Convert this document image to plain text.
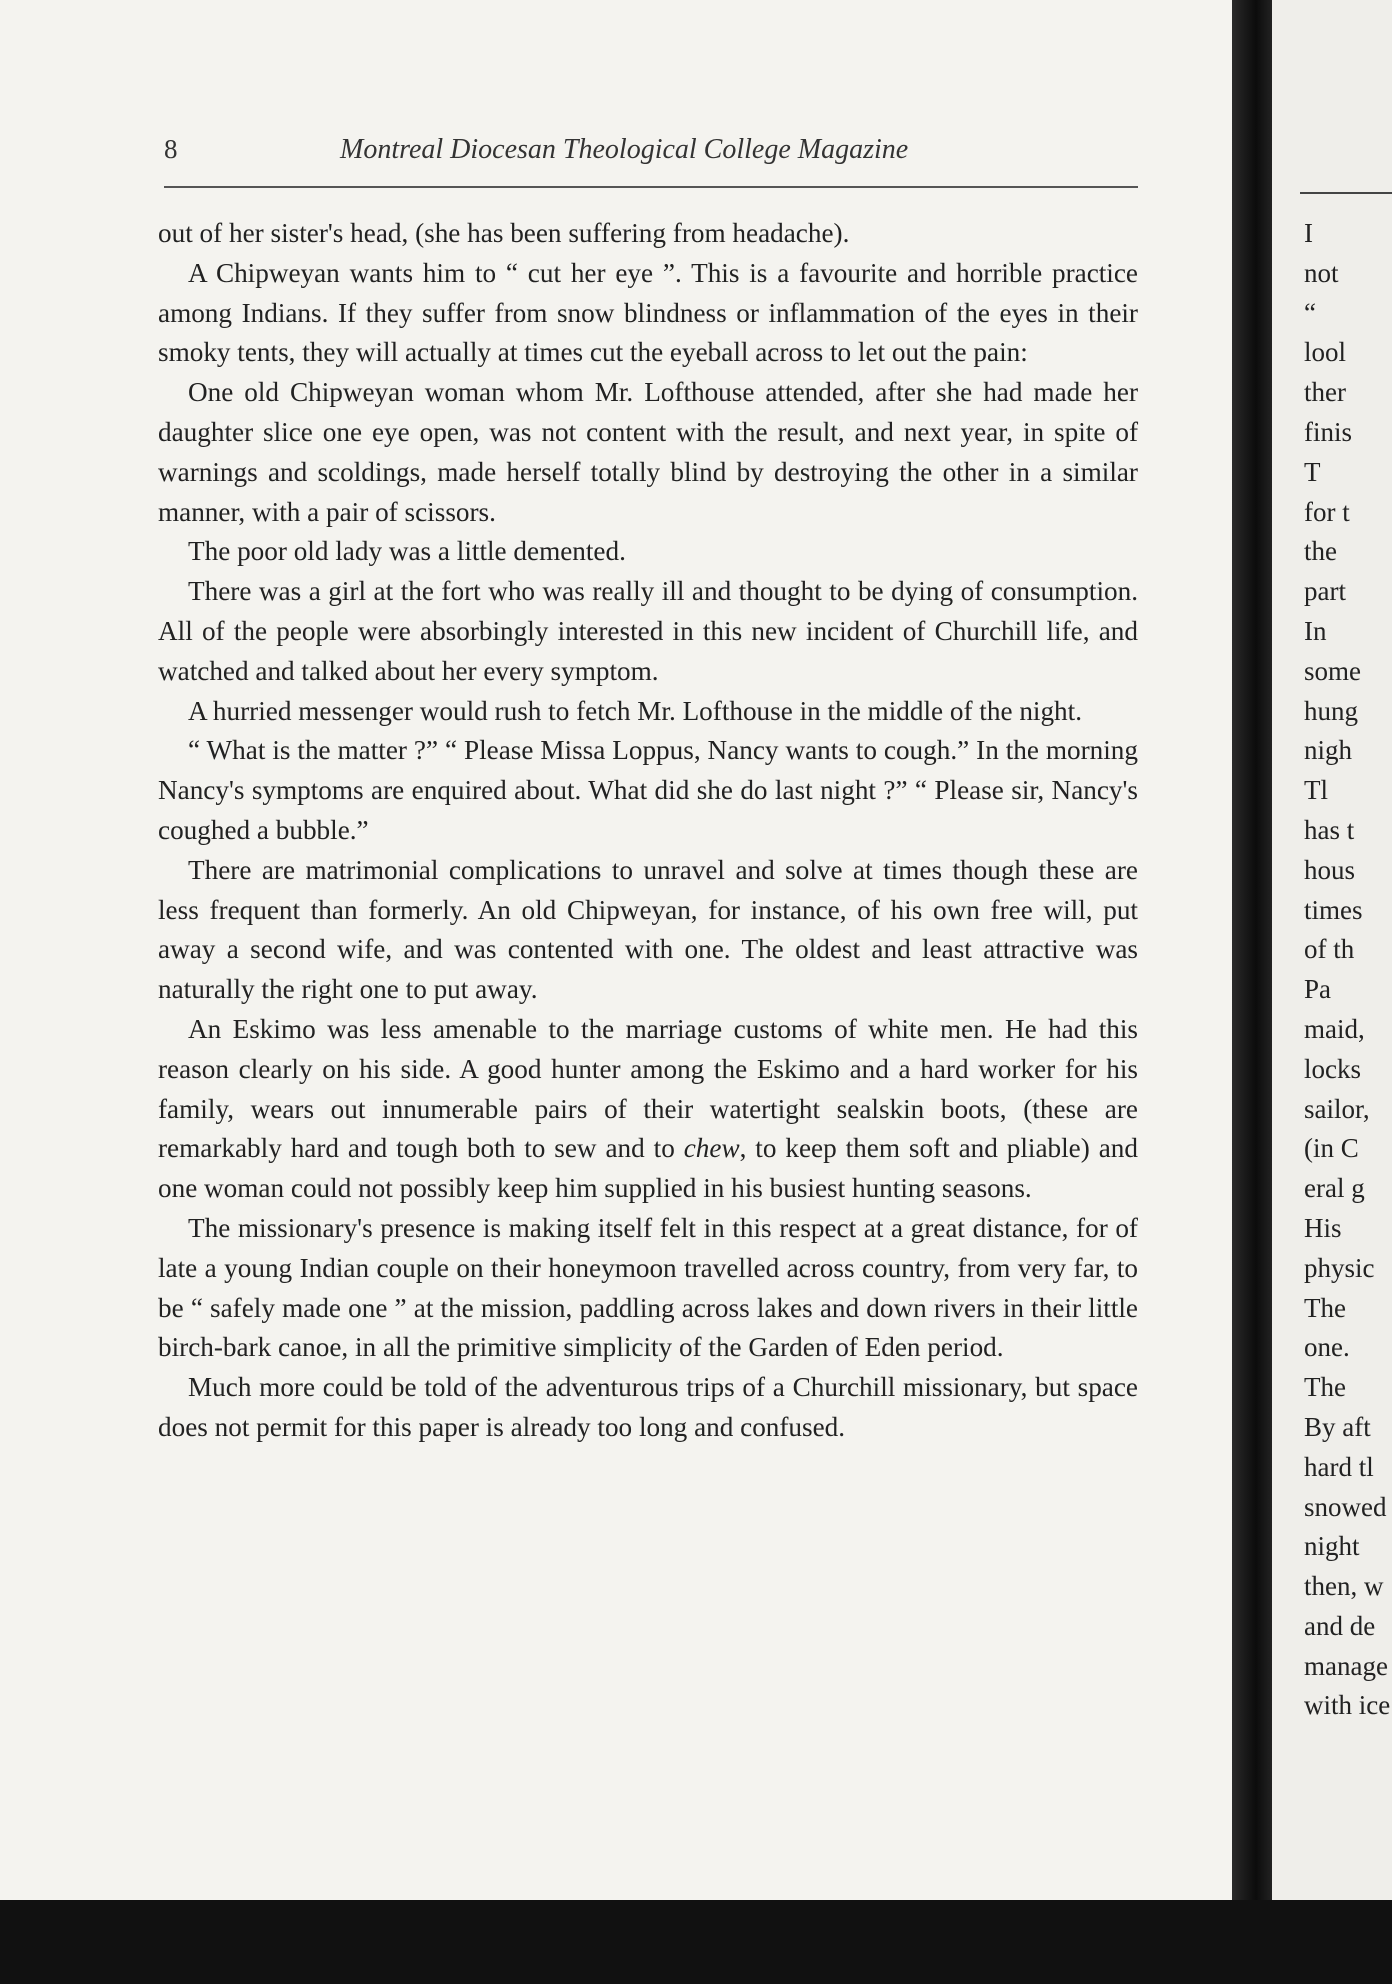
8	Montreal Diocesan Theological College Magazine

out of her sister's head, (she has been suffering from headache).

A Chipweyan wants him to “ cut her eye ”. This is a favourite and horrible practice among Indians. If they suffer from snow blindness or inflammation of the eyes in their smoky tents, they will actually at times cut the eyeball across to let out the pain:

One old Chipweyan woman whom Mr. Lofthouse attended, after she had made her daughter slice one eye open, was not content with the result, and next year, in spite of warnings and scoldings, made herself totally blind by destroying the other in a similar manner, with a pair of scissors.

The poor old lady was a little demented.

There was a girl at the fort who was really ill and thought to be dying of consumption. All of the people were absorbingly interested in this new incident of Churchill life, and watched and talked about her every symptom.

A hurried messenger would rush to fetch Mr. Lofthouse in the middle of the night.

“ What is the matter ?” “ Please Missa Loppus, Nancy wants to cough.” In the morning Nancy's symptoms are enquired about. What did she do last night ?” “ Please sir, Nancy's coughed a bubble.”

There are matrimonial complications to unravel and solve at times though these are less frequent than formerly. An old Chipweyan, for instance, of his own free will, put away a second wife, and was contented with one. The oldest and least attractive was naturally the right one to put away.

An Eskimo was less amenable to the marriage customs of white men. He had this reason clearly on his side. A good hunter among the Eskimo and a hard worker for his family, wears out innumerable pairs of their watertight sealskin boots, (these are remarkably hard and tough both to sew and to chew, to keep them soft and pliable) and one woman could not possibly keep him supplied in his busiest hunting seasons.

The missionary's presence is making itself felt in this respect at a great distance, for of late a young Indian couple on their honeymoon travelled across country, from very far, to be “ safely made one ” at the mission, paddling across lakes and down rivers in their little birch-bark canoe, in all the primitive simplicity of the Garden of Eden period.

Much more could be told of the adventurous trips of a Churchill missionary, but space does not permit for this paper is already too long and confused.

I
not
“
lool
ther
finis
T
for t
the
part
In
some
hung
nigh
Tl
has t
hous
times
of th
Pa
maid,
locks
sailor,
(in C
eral g
His
physic
The
one.
The
By aft
hard tl
snowed
night
then, w
and de
manage
with ice
